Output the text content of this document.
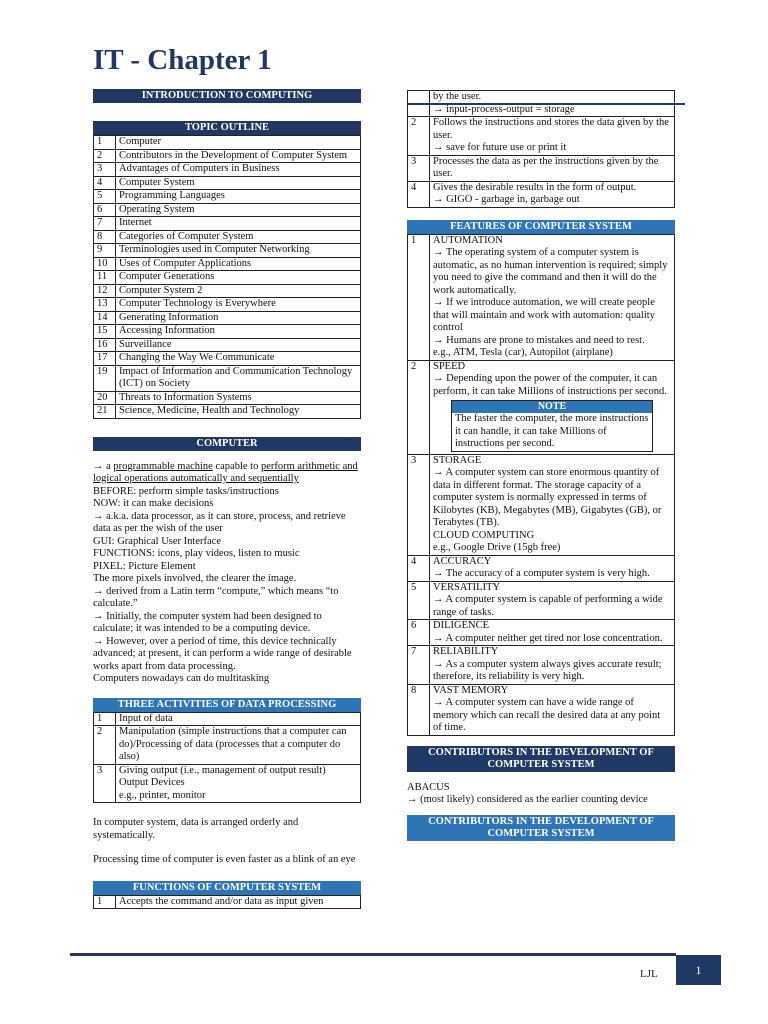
IT - Chapter 1
INTRODUCTION TO COMPUTING
TOPIC OUTLINE
1	Computer
2	Contributors in the Development of Computer System
3	Advantages of Computers in Business
4	Computer System
5	Programming Languages
6	Operating System
7	Internet
8	Categories of Computer System
9	Terminologies used in Computer Networking
10	Uses of Computer Applications
11	Computer Generations
12	Computer System 2
13	Computer Technology is Everywhere
14	Generating Information
15	Accessing Information
16	Surveillance
17	Changing the Way We Communicate
19	Impact of Information and Communication Technology (ICT) on Society
20	Threats to Information Systems
21	Science, Medicine, Health and Technology
COMPUTER
→ a programmable machine capable to perform arithmetic and logical operations automatically and sequentially
BEFORE: perform simple tasks/instructions
NOW: it can make decisions
→ a.k.a. data processor, as it can store, process, and retrieve data as per the wish of the user
GUI: Graphical User Interface
FUNCTIONS: icons, play videos, listen to music
PIXEL: Picture Element
The more pixels involved, the clearer the image.
→ derived from a Latin term “compute,” which means “to calculate.”
→ Initially, the computer system had been designed to calculate; it was intended to be a computing device.
→ However, over a period of time, this device technically advanced; at present, it can perform a wide range of desirable works apart from data processing.
Computers nowadays can do multitasking
THREE ACTIVITIES OF DATA PROCESSING
1	Input of data
2	Manipulation (simple instructions that a computer can do)/Processing of data (processes that a computer do also)
3	Giving output (i.e., management of output result)
Output Devices
e.g., printer, monitor
In computer system, data is arranged orderly and systematically.
Processing time of computer is even faster as a blink of an eye
FUNCTIONS OF COMPUTER SYSTEM
1	Accepts the command and/or data as input given

	by the user.
→ input-process-output = storage

2	Follows the instructions and stores the data given by the user.
→ save for future use or print it

3	Processes the data as per the instructions given by the user.
4	Gives the desirable results in the form of output.
→ GIGO - garbage in, garbage out
FEATURES OF COMPUTER SYSTEM
1	AUTOMATION
→ The operating system of a computer system is automatic, as no human intervention is required; simply you need to give the command and then it will do the work automatically.
→ If we introduce automation, we will create people that will maintain and work with automation: quality control
→ Humans are prone to mistakes and need to rest.
e.g., ATM, Tesla (car), Autopilot (airplane)

2	SPEED
→ Depending upon the power of the computer, it can perform, it can take Millions of instructions per second.
NOTE
The faster the computer, the more instructions it can handle, it can take Millions of instructions per second.

3	STORAGE
→ A computer system can store enormous quantity of data in different format. The storage capacity of a computer system is normally expressed in terms of Kilobytes (KB), Megabytes (MB), Gigabytes (GB), or Terabytes (TB).
CLOUD COMPUTING
e.g., Google Drive (15gb free)

4	ACCURACY
→ The accuracy of a computer system is very high.

5	VERSATILITY
→ A computer system is capable of performing a wide range of tasks.

6	DILIGENCE
→ A computer neither get tired nor lose concentration.

7	RELIABILITY
→ As a computer system always gives accurate result; therefore, its reliability is very high.

8	VAST MEMORY
→ A computer system can have a wide range of memory which can recall the desired data at any point of time.
CONTRIBUTORS IN THE DEVELOPMENT OF COMPUTER SYSTEM
ABACUS
→ (most likely) considered as the earlier counting device
CONTRIBUTORS IN THE DEVELOPMENT OF COMPUTER SYSTEM
LJL	1
